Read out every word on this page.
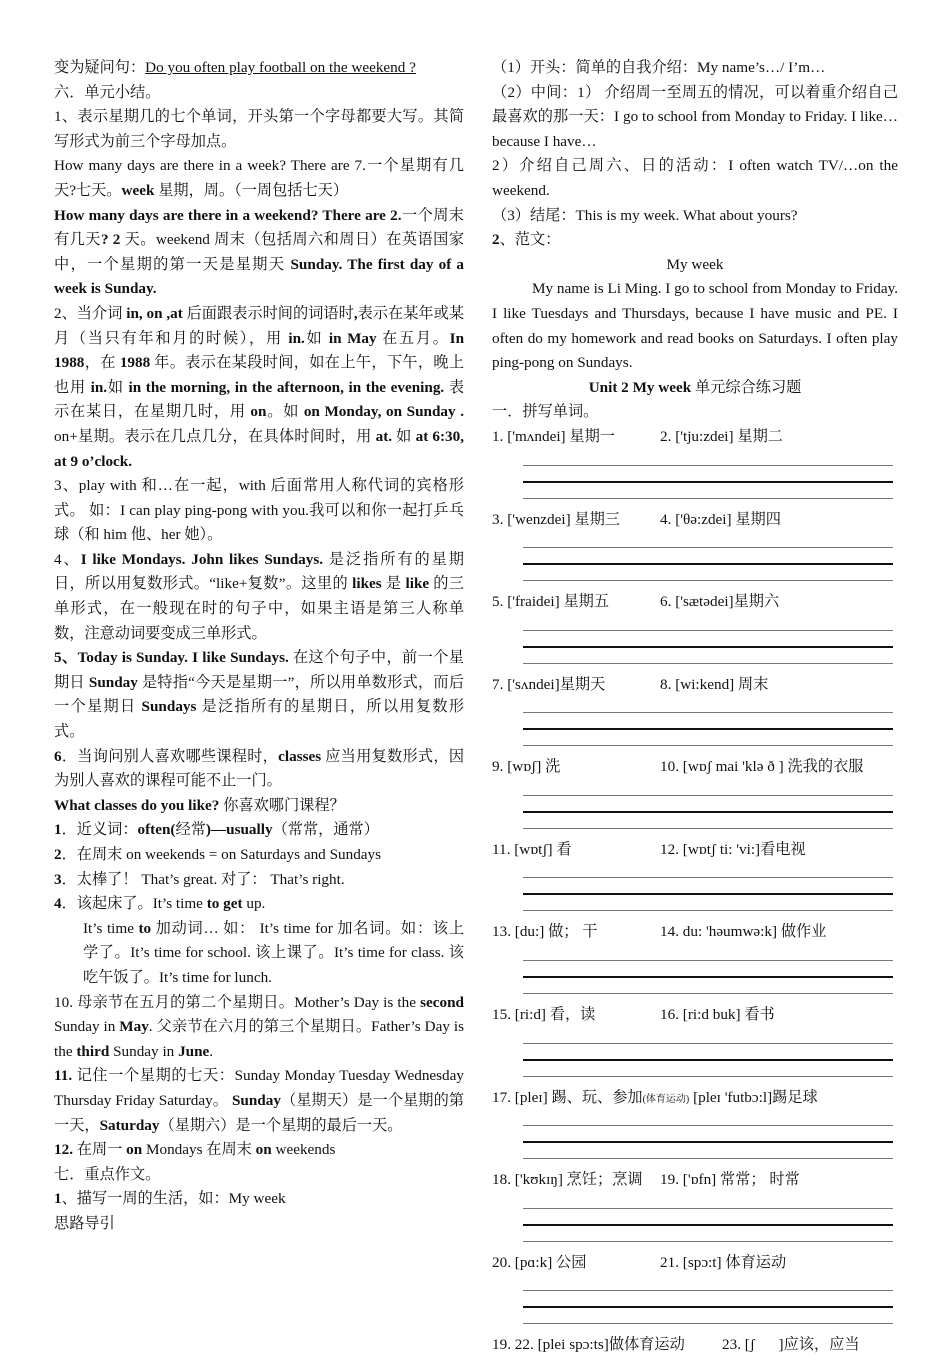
变为疑问句：Do you often play football on the weekend ?

六．单元小结。

1、表示星期几的七个单词，开头第一个字母都要大写。其简写形式为前三个字母加点。

How many days are there in a week? There are 7.一个星期有几天?七天。week 星期，周。（一周包括七天）

How many days are there in a weekend? There are 2.一个周末有几天? 2 天。weekend 周末（包括周六和周日）在英语国家中，一个星期的第一天是星期天 Sunday. The first day of a week is Sunday.

2、当介词 in, on ,at 后面跟表示时间的词语时,表示在某年或某月（当只有年和月的时候），用 in.如 in May 在五月。In 1988，在 1988 年。表示在某段时间，如在上午，下午，晚上也用 in.如 in the morning, in the afternoon, in the evening. 表示在某日，在星期几时，用 on。如 on Monday, on Sunday . on+星期。表示在几点几分，在具体时间时，用 at. 如 at 6:30, at 9 o’clock.

3、play with 和…在一起，with 后面常用人称代词的宾格形式。 如：I can play ping-pong with you.我可以和你一起打乒乓球（和 him 他、her 她）。

4、I like Mondays. John likes Sundays. 是泛指所有的星期日，所以用复数形式。“like+复数”。这里的 likes 是 like 的三单形式，在一般现在时的句子中，如果主语是第三人称单数，注意动词要变成三单形式。

5、Today is Sunday. I like Sundays. 在这个句子中，前一个星期日 Sunday 是特指“今天是星期一”，所以用单数形式，而后一个星期日 Sundays 是泛指所有的星期日，所以用复数形式。

6．当询问别人喜欢哪些课程时，classes 应当用复数形式，因为别人喜欢的课程可能不止一门。

What classes do you like? 你喜欢哪门课程？

1．近义词：often(经常)—usually（常常，通常）

2．在周末 on weekends = on Saturdays and Sundays

3．太棒了！ That’s great. 对了： That’s right.

4．该起床了。It’s time to get up.

It’s time to 加动词… 如： It’s time for 加名词。如：该上学了。It’s time for school. 该上课了。It’s time for class. 该吃午饭了。It’s time for lunch.

10. 母亲节在五月的第二个星期日。Mother’s Day is the second Sunday in May. 父亲节在六月的第三个星期日。Father’s Day is the third Sunday in June.

11. 记住一个星期的七天：Sunday Monday Tuesday Wednesday Thursday Friday Saturday。 Sunday（星期天）是一个星期的第一天，Saturday（星期六）是一个星期的最后一天。

12. 在周一 on Mondays 在周末 on weekends

七．重点作文。

1、描写一周的生活，如：My week

思路导引

（1）开头：简单的自我介绍：My name’s…/ I’m…

（2）中间：1） 介绍周一至周五的情况，可以着重介绍自己最喜欢的那一天：I go to school from Monday to Friday. I like…because I have…

2）介绍自己周六、日的活动：I often watch TV/…on the weekend.

（3）结尾：This is my week. What about yours?

2、范文：

My week

My name is Li Ming. I go to school from Monday to Friday. I like Tuesdays and Thursdays, because I have music and PE. I often do my homework and read books on Saturdays. I often play ping-pong on Sundays.

Unit 2 My week 单元综合练习题

一．拼写单词。

1. ['mʌndei] 星期一	2. ['tju:zdei] 星期二

3. ['wenzdei] 星期三	4. ['θə:zdei] 星期四

5. ['fraidei] 星期五	6. ['sætədei]星期六

7. ['sʌndei]星期天	8. [wi:kend] 周末

9. [wɒʃ] 洗	10. [wɒʃ mai 'klə ð ] 洗我的衣服

11. [wɒtʃ] 看	12. [wɒtʃ ti: 'vi:]看电视

13. [du:] 做； 干	14. du: 'həumwə:k] 做作业

15. [ri:d] 看，读	16. [ri:d buk] 看书

17. [pleɪ] 踢、玩、参加(体育运动) [pleɪ 'futbɔ:l]踢足球

18. ['kʊkɪŋ] 烹饪；烹调 19. ['ɒfn] 常常； 时常

20. [pɑ:k] 公园	21. [spɔ:t] 体育运动

19. 22. [plei spɔ:ts]做体育运动 23. [ʃ⃞⃞]应该，应当
